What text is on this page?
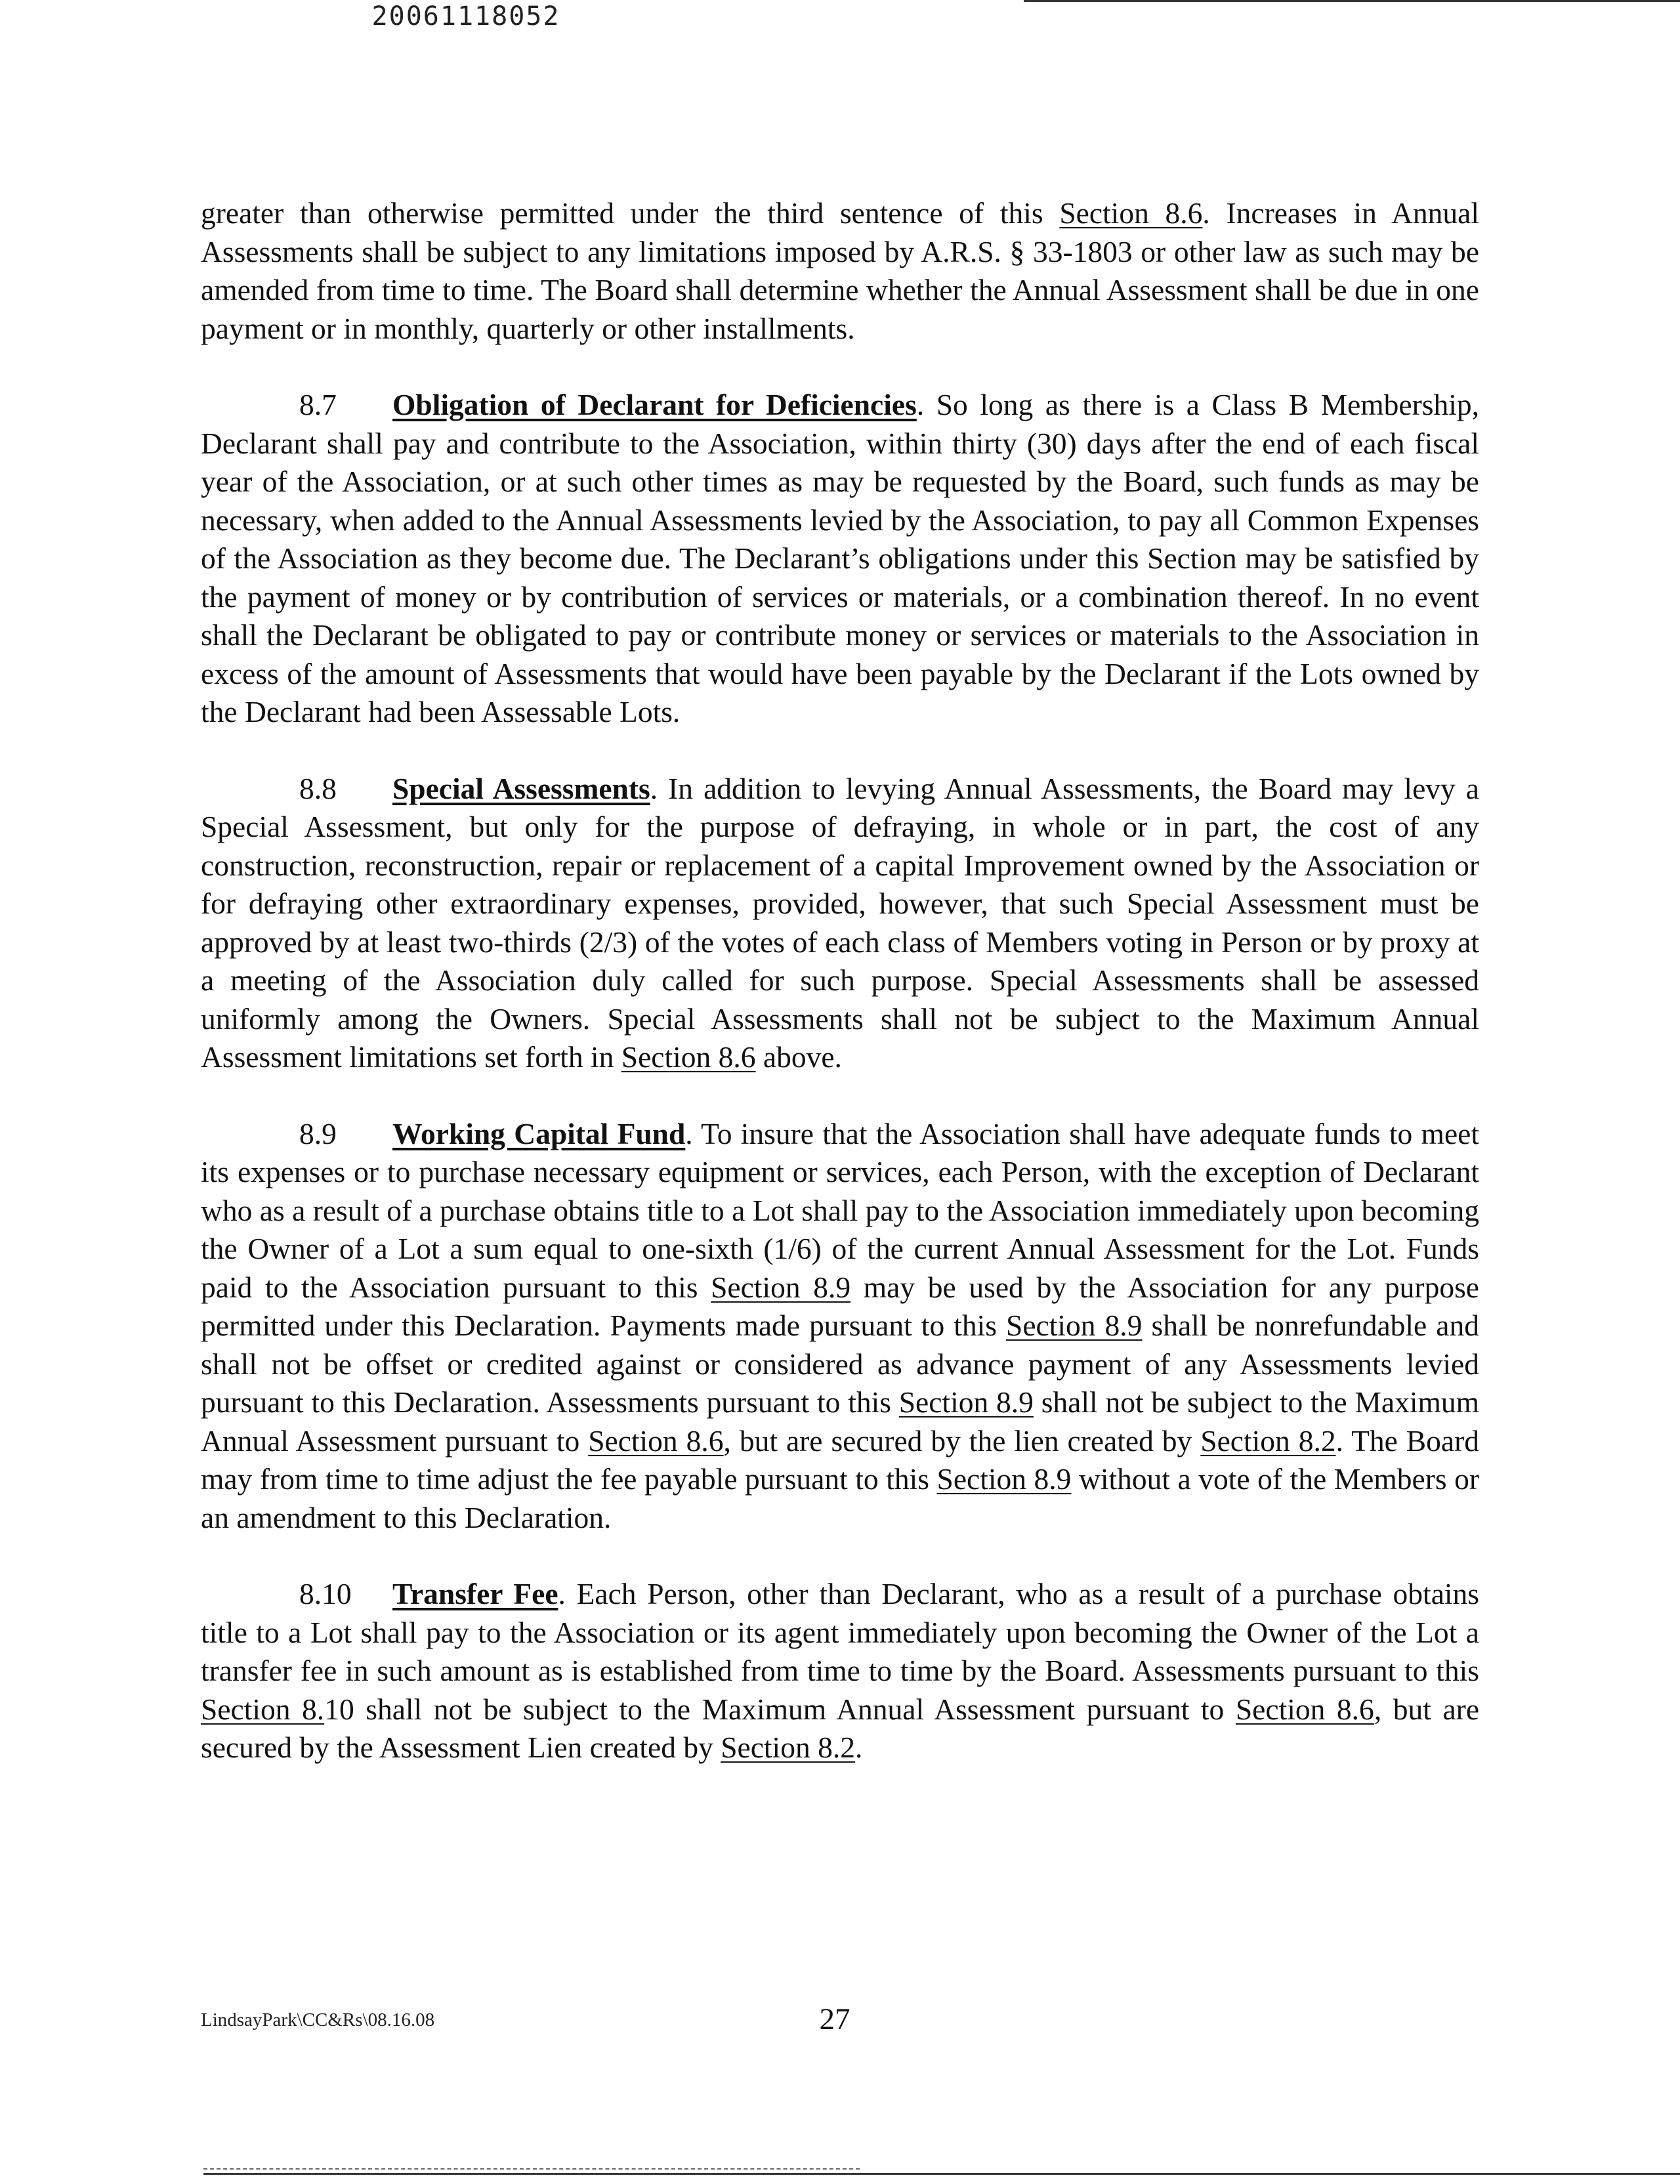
20061118052

greater than otherwise permitted under the third sentence of this Section 8.6. Increases in Annual Assessments shall be subject to any limitations imposed by A.R.S. § 33-1803 or other law as such may be amended from time to time. The Board shall determine whether the Annual Assessment shall be due in one payment or in monthly, quarterly or other installments.

8.7 Obligation of Declarant for Deficiencies. So long as there is a Class B Membership, Declarant shall pay and contribute to the Association, within thirty (30) days after the end of each fiscal year of the Association, or at such other times as may be requested by the Board, such funds as may be necessary, when added to the Annual Assessments levied by the Association, to pay all Common Expenses of the Association as they become due. The Declarant’s obligations under this Section may be satisfied by the payment of money or by contribution of services or materials, or a combination thereof. In no event shall the Declarant be obligated to pay or contribute money or services or materials to the Association in excess of the amount of Assessments that would have been payable by the Declarant if the Lots owned by the Declarant had been Assessable Lots.

8.8 Special Assessments. In addition to levying Annual Assessments, the Board may levy a Special Assessment, but only for the purpose of defraying, in whole or in part, the cost of any construction, reconstruction, repair or replacement of a capital Improvement owned by the Association or for defraying other extraordinary expenses, provided, however, that such Special Assessment must be approved by at least two-thirds (2/3) of the votes of each class of Members voting in Person or by proxy at a meeting of the Association duly called for such purpose. Special Assessments shall be assessed uniformly among the Owners. Special Assessments shall not be subject to the Maximum Annual Assessment limitations set forth in Section 8.6 above.

8.9 Working Capital Fund. To insure that the Association shall have adequate funds to meet its expenses or to purchase necessary equipment or services, each Person, with the exception of Declarant who as a result of a purchase obtains title to a Lot shall pay to the Association immediately upon becoming the Owner of a Lot a sum equal to one-sixth (1/6) of the current Annual Assessment for the Lot. Funds paid to the Association pursuant to this Section 8.9 may be used by the Association for any purpose permitted under this Declaration. Payments made pursuant to this Section 8.9 shall be nonrefundable and shall not be offset or credited against or considered as advance payment of any Assessments levied pursuant to this Declaration. Assessments pursuant to this Section 8.9 shall not be subject to the Maximum Annual Assessment pursuant to Section 8.6, but are secured by the lien created by Section 8.2. The Board may from time to time adjust the fee payable pursuant to this Section 8.9 without a vote of the Members or an amendment to this Declaration.

8.10 Transfer Fee. Each Person, other than Declarant, who as a result of a purchase obtains title to a Lot shall pay to the Association or its agent immediately upon becoming the Owner of the Lot a transfer fee in such amount as is established from time to time by the Board. Assessments pursuant to this Section 8.10 shall not be subject to the Maximum Annual Assessment pursuant to Section 8.6, but are secured by the Assessment Lien created by Section 8.2.

LindsayPark\CC&Rs\08.16.08	27
